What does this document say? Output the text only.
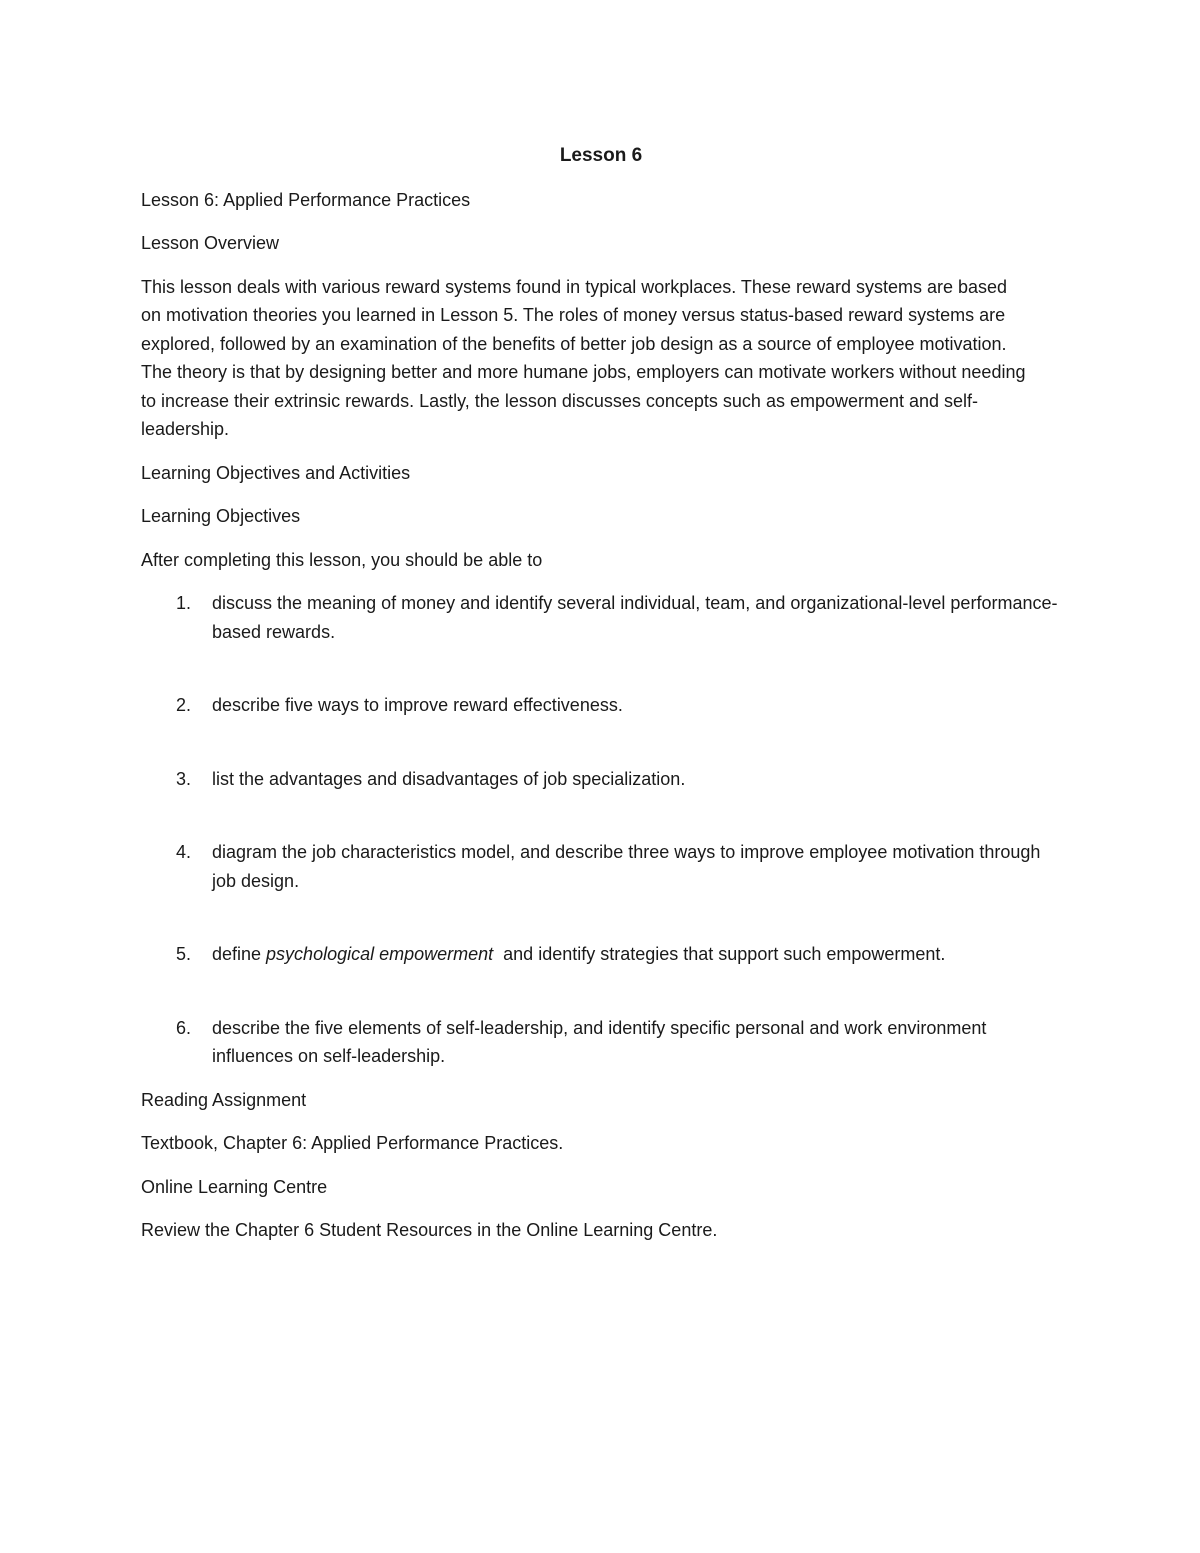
Lesson 6

Lesson 6: Applied Performance Practices

Lesson Overview

This lesson deals with various reward systems found in typical workplaces. These reward systems are based on motivation theories you learned in Lesson 5. The roles of money versus status-based reward systems are explored, followed by an examination of the benefits of better job design as a source of employee motivation. The theory is that by designing better and more humane jobs, employers can motivate workers without needing to increase their extrinsic rewards. Lastly, the lesson discusses concepts such as empowerment and self-leadership.

Learning Objectives and Activities

Learning Objectives

After completing this lesson, you should be able to

1. discuss the meaning of money and identify several individual, team, and organizational-level performance-based rewards.
2. describe five ways to improve reward effectiveness.
3. list the advantages and disadvantages of job specialization.
4. diagram the job characteristics model, and describe three ways to improve employee motivation through job design.
5. define psychological empowerment  and identify strategies that support such empowerment.
6. describe the five elements of self-leadership, and identify specific personal and work environment influences on self-leadership.

Reading Assignment

Textbook, Chapter 6: Applied Performance Practices.

Online Learning Centre

Review the Chapter 6 Student Resources in the Online Learning Centre.
